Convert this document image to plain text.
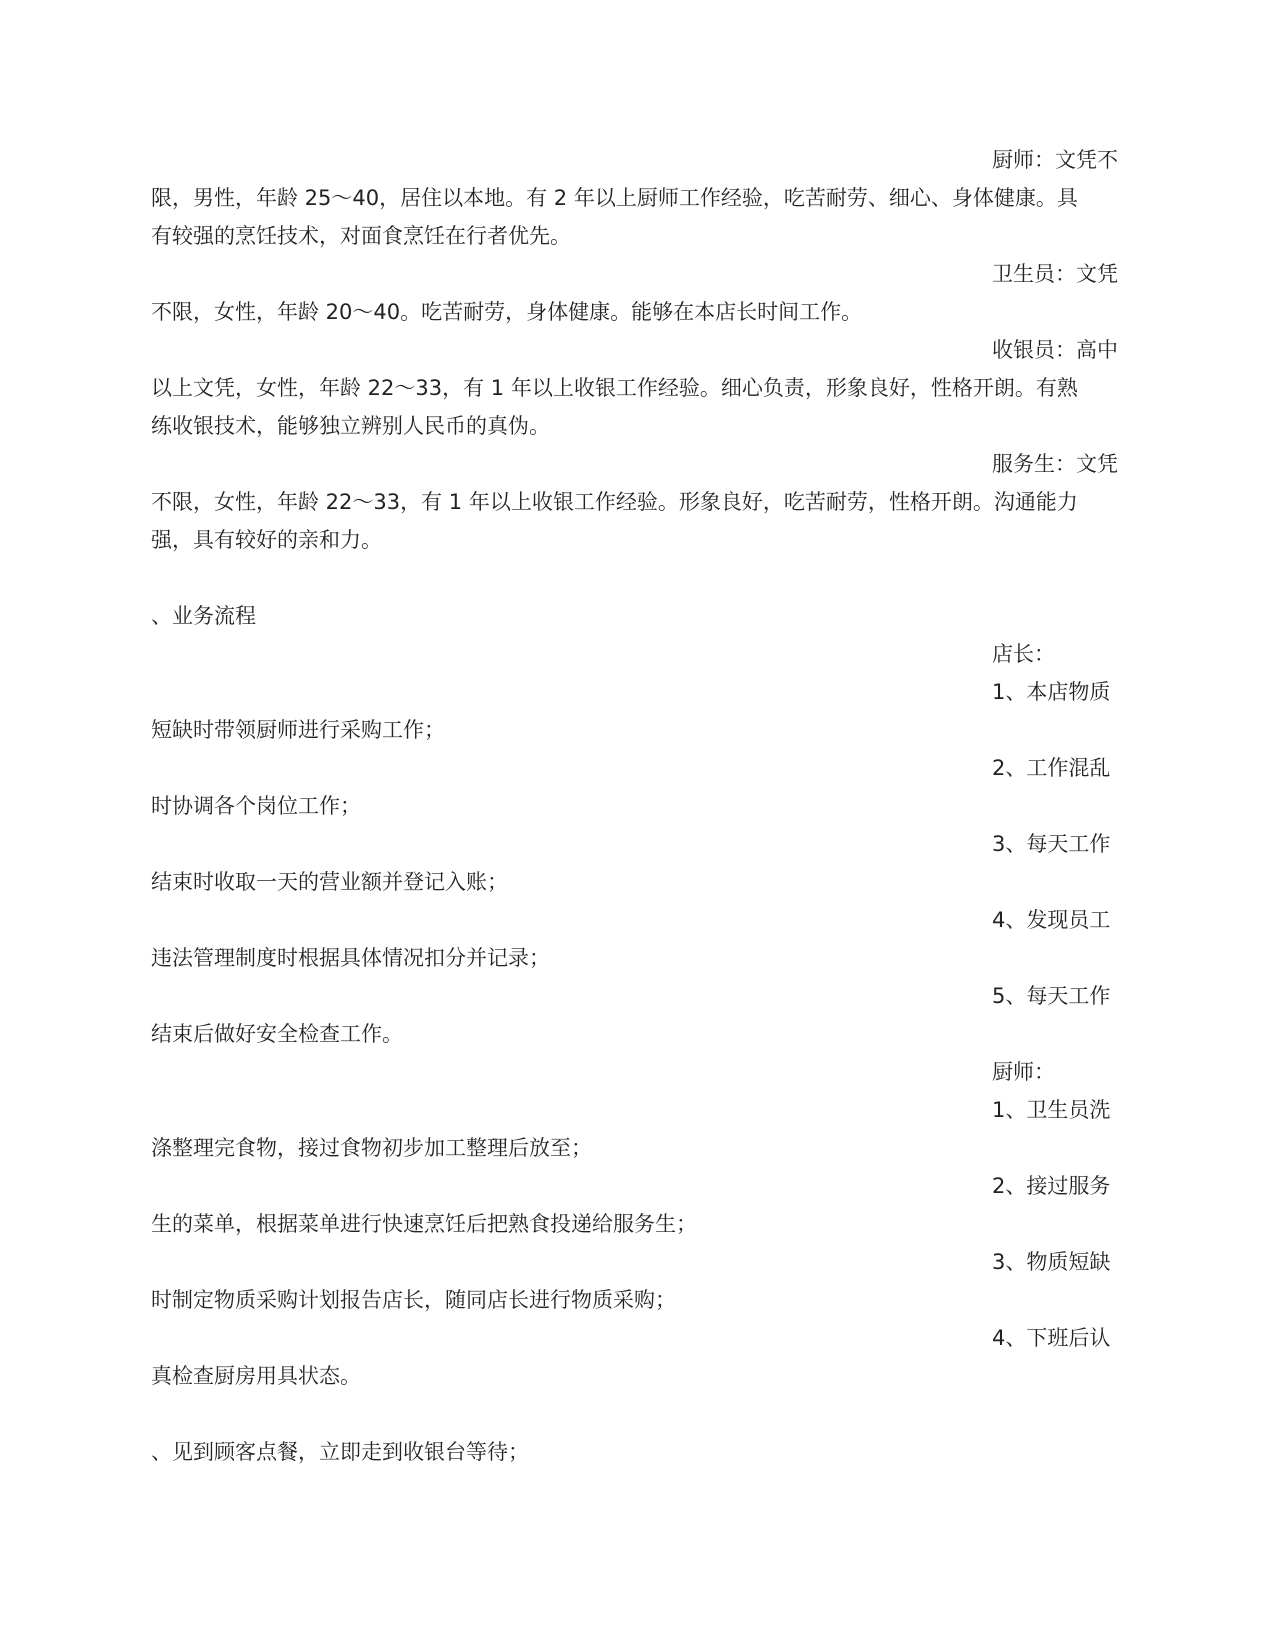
厨师：文凭不
限，男性，年龄 25～40，居住以本地。有 2 年以上厨师工作经验，吃苦耐劳、细心、身体健康。具
有较强的烹饪技术，对面食烹饪在行者优先。
卫生员：文凭
不限，女性，年龄 20～40。吃苦耐劳，身体健康。能够在本店长时间工作。
收银员：高中
以上文凭，女性，年龄 22～33，有 1 年以上收银工作经验。细心负责，形象良好，性格开朗。有熟
练收银技术，能够独立辨别人民币的真伪。
服务生：文凭
不限，女性，年龄 22～33，有 1 年以上收银工作经验。形象良好，吃苦耐劳，性格开朗。沟通能力
强，具有较好的亲和力。
、业务流程
店长：
1、本店物质
短缺时带领厨师进行采购工作；
2、工作混乱
时协调各个岗位工作；
3、每天工作
结束时收取一天的营业额并登记入账；
4、发现员工
违法管理制度时根据具体情况扣分并记录；
5、每天工作
结束后做好安全检查工作。
厨师：
1、卫生员洗
涤整理完食物，接过食物初步加工整理后放至；
2、接过服务
生的菜单，根据菜单进行快速烹饪后把熟食投递给服务生；
3、物质短缺
时制定物质采购计划报告店长，随同店长进行物质采购；
4、下班后认
真检查厨房用具状态。
、见到顾客点餐，立即走到收银台等待；
